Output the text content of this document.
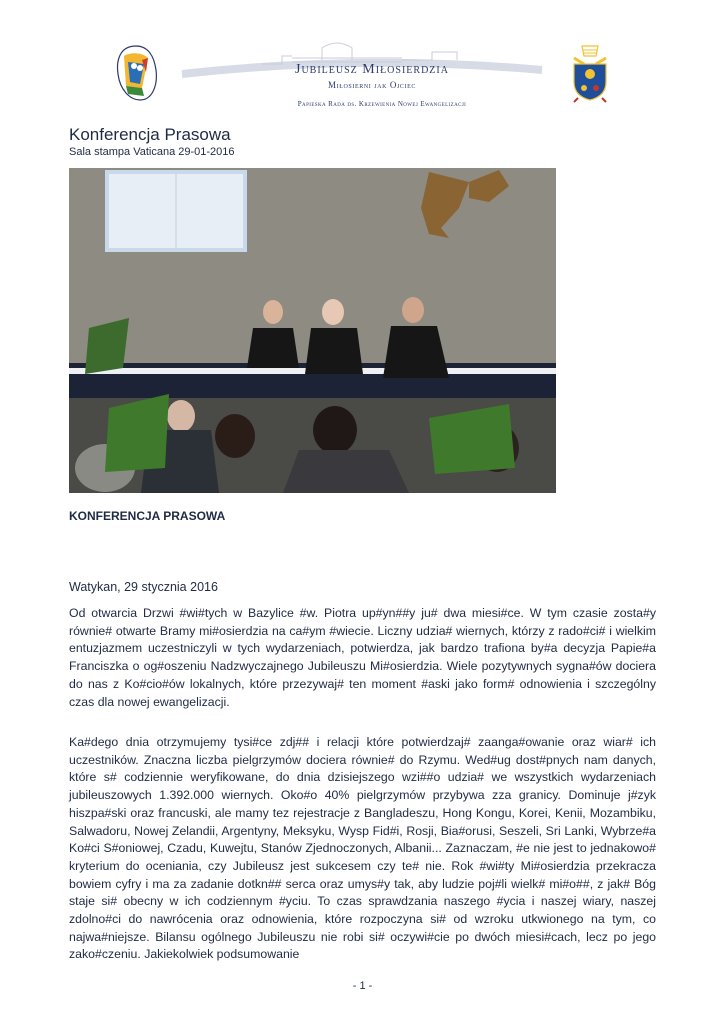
Jubileusz Miłosierdzia
Miłosierni jak Ojciec
Papieska Rada ds. Krzewienia Nowej Ewangelizacji
Konferencja Prasowa
Sala stampa Vaticana 29-01-2016
KONFERENCJA PRASOWA
Watykan, 29 stycznia 2016

Od otwarcia Drzwi #wi#tych w Bazylice #w. Piotra up#yn##y ju# dwa miesi#ce. W tym czasie zosta#y równie# otwarte Bramy mi#osierdzia na ca#ym #wiecie. Liczny udzia# wiernych, którzy z rado#ci# i wielkim entuzjazmem uczestniczyli w tych wydarzeniach, potwierdza, jak bardzo trafiona by#a decyzja Papie#a Franciszka o og#oszeniu Nadzwyczajnego Jubileuszu Mi#osierdzia. Wiele pozytywnych sygna#ów dociera do nas z Ko#cio#ów lokalnych, które przezywaj# ten moment #aski jako form# odnowienia i szczególny czas dla nowej ewangelizacji.

Ka#dego dnia otrzymujemy tysi#ce zdj## i relacji które potwierdzaj# zaanga#owanie oraz wiar# ich uczestników. Znaczna liczba pielgrzymów dociera równie# do Rzymu. Wed#ug dost#pnych nam danych, które s# codziennie weryfikowane, do dnia dzisiejszego wzi##o udzia# we wszystkich wydarzeniach jubileuszowych 1.392.000 wiernych. Oko#o 40% pielgrzymów przybywa zza granicy. Dominuje j#zyk hiszpa#ski oraz francuski, ale mamy tez rejestracje z Bangladeszu, Hong Kongu, Korei, Kenii, Mozambiku, Salwadoru, Nowej Zelandii, Argentyny, Meksyku, Wysp Fid#i, Rosji, Bia#orusi, Seszeli, Sri Lanki, Wybrze#a Ko#ci S#oniowej, Czadu, Kuwejtu, Stanów Zjednoczonych, Albanii... Zaznaczam, #e nie jest to jednakowo# kryterium do oceniania, czy Jubileusz jest sukcesem czy te# nie. Rok #wi#ty Mi#osierdzia przekracza bowiem cyfry i ma za zadanie dotkn## serca oraz umys#y tak, aby ludzie poj#li wielk# mi#o##, z jak# Bóg staje si# obecny w ich codziennym #yciu. To czas sprawdzania naszego #ycia i naszej wiary, naszej zdolno#ci do nawrócenia oraz odnowienia, które rozpoczyna si# od wzroku utkwionego na tym, co najwa#niejsze. Bilansu ogólnego Jubileuszu nie robi si# oczywi#cie po dwóch miesi#cach, lecz po jego zako#czeniu. Jakiekolwiek podsumowanie

- 1 -
